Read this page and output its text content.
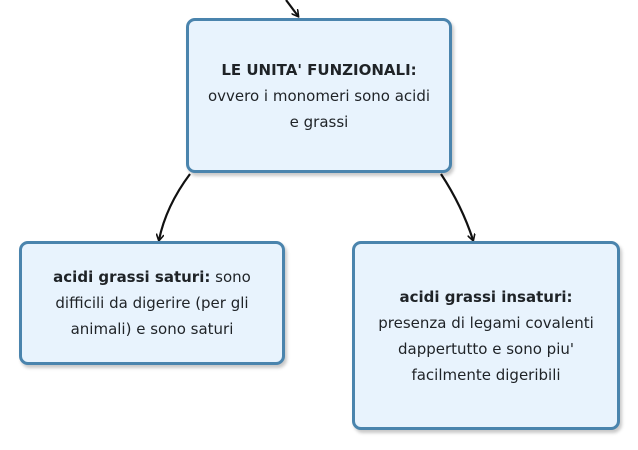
LE UNITA' FUNZIONALI:
ovvero i monomeri sono acidi e grassi

acidi grassi saturi: sono difficili da digerire (per gli animali) e sono saturi

acidi grassi insaturi:
presenza di legami covalenti dappertutto e sono piu' facilmente digeribili
